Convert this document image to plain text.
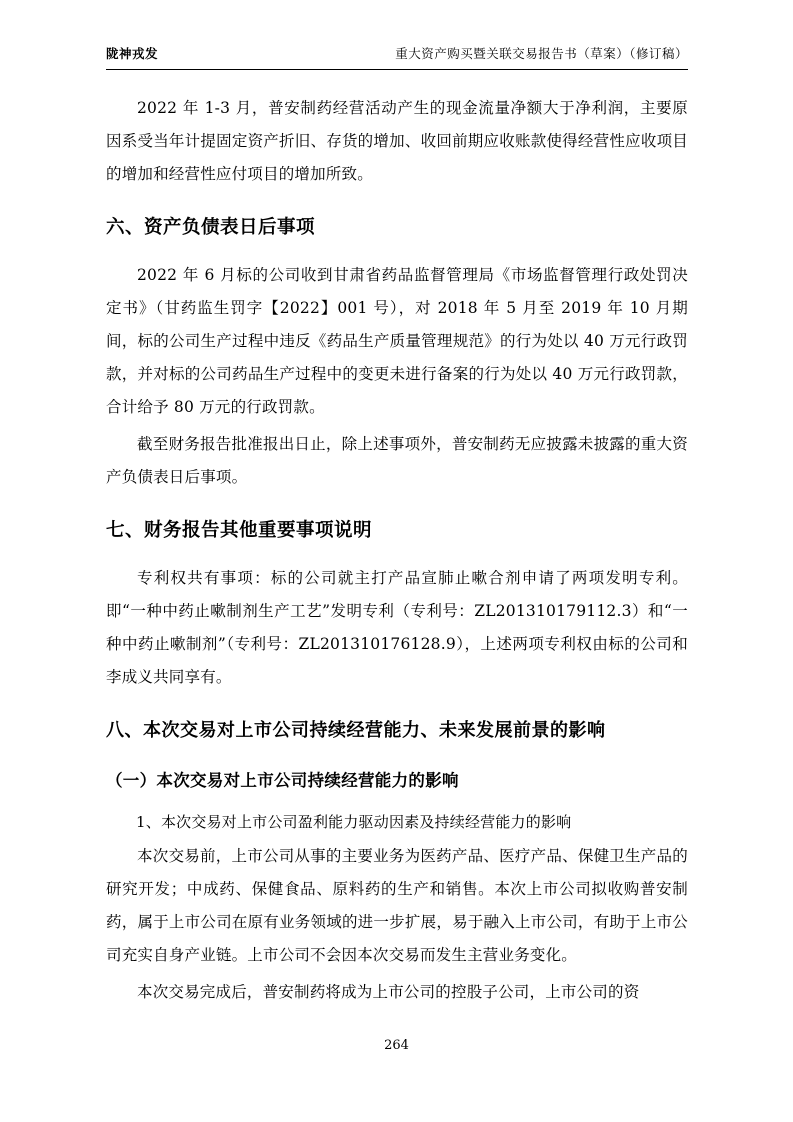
陇神戎发	重大资产购买暨关联交易报告书（草案）（修订稿）

2022 年 1-3 月，普安制药经营活动产生的现金流量净额大于净利润，主要原因系受当年计提固定资产折旧、存货的增加、收回前期应收账款使得经营性应收项目的增加和经营性应付项目的增加所致。

六、资产负债表日后事项

2022 年 6 月标的公司收到甘肃省药品监督管理局《市场监督管理行政处罚决定书》（甘药监生罚字【2022】001 号），对 2018 年 5 月至 2019 年 10 月期间，标的公司生产过程中违反《药品生产质量管理规范》的行为处以 40 万元行政罚款，并对标的公司药品生产过程中的变更未进行备案的行为处以 40 万元行政罚款，合计给予 80 万元的行政罚款。

截至财务报告批准报出日止，除上述事项外，普安制药无应披露未披露的重大资产负债表日后事项。

七、财务报告其他重要事项说明

专利权共有事项：标的公司就主打产品宣肺止嗽合剂申请了两项发明专利。即“一种中药止嗽制剂生产工艺”发明专利（专利号：ZL201310179112.3）和“一种中药止嗽制剂”（专利号：ZL201310176128.9），上述两项专利权由标的公司和李成义共同享有。

八、本次交易对上市公司持续经营能力、未来发展前景的影响
（一）本次交易对上市公司持续经营能力的影响

1、本次交易对上市公司盈利能力驱动因素及持续经营能力的影响

本次交易前，上市公司从事的主要业务为医药产品、医疗产品、保健卫生产品的研究开发；中成药、保健食品、原料药的生产和销售。本次上市公司拟收购普安制药，属于上市公司在原有业务领域的进一步扩展，易于融入上市公司，有助于上市公司充实自身产业链。上市公司不会因本次交易而发生主营业务变化。

本次交易完成后，普安制药将成为上市公司的控股子公司，上市公司的资

264
